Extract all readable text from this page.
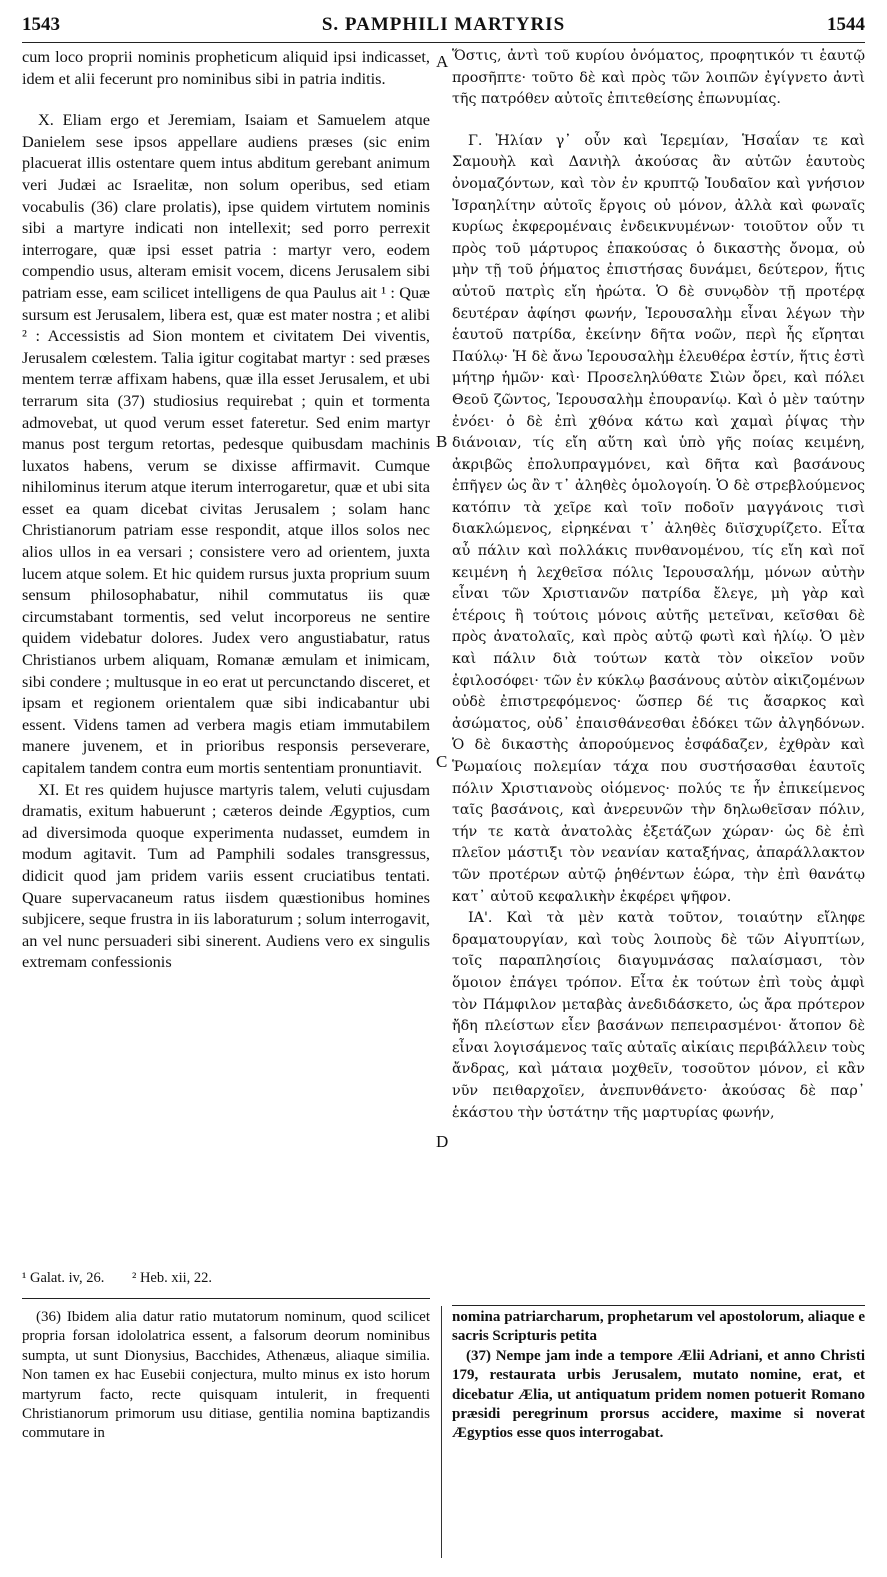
1543	S. PAMPHILI MARTYRIS	1544

cum loco proprii nominis propheticum aliquid ipsi indicasset, idem et alii fecerunt pro nominibus sibi in patria inditis.

X. Eliam ergo et Jeremiam, Isaiam et Samuelem atque Danielem sese ipsos appellare audiens præses (sic enim placuerat illis ostentare quem intus abditum gerebant animum veri Judæi ac Israelitæ, non solum operibus, sed etiam vocabulis (36) clare prolatis), ipse quidem virtutem nominis sibi a martyre indicati non intellexit; sed porro perrexit interrogare, quæ ipsi esset patria : martyr vero, eodem compendio usus, alteram emisit vocem, dicens Jerusalem sibi patriam esse, eam scilicet intelligens de qua Paulus ait ¹ : Quæ sursum est Jerusalem, libera est, quæ est mater nostra ; et alibi ² : Accessistis ad Sion montem et civitatem Dei viventis, Jerusalem cœlestem. Talia igitur cogitabat martyr : sed præses mentem terræ affixam habens, quæ illa esset Jerusalem, et ubi terrarum sita (37) studiosius requirebat ; quin et tormenta admovebat, ut quod verum esset fateretur. Sed enim martyr manus post tergum retortas, pedesque quibusdam machinis luxatos habens, verum se dixisse affirmavit. Cumque nihilominus iterum atque iterum interrogaretur, quæ et ubi sita esset ea quam dicebat civitas Jerusalem ; solam hanc Christianorum patriam esse respondit, atque illos solos nec alios ullos in ea versari ; consistere vero ad orientem, juxta lucem atque solem. Et hic quidem rursus juxta proprium suum sensum philosophabatur, nihil commutatus iis quæ circumstabant tormentis, sed velut incorporeus ne sentire quidem videbatur dolores. Judex vero angustiabatur, ratus Christianos urbem aliquam, Romanæ æmulam et inimicam, sibi condere ; multusque in eo erat ut percunctando disceret, et ipsam et regionem orientalem quæ sibi indicabantur ubi essent. Videns tamen ad verbera magis etiam immutabilem manere juvenem, et in prioribus responsis perseverare, capitalem tandem contra eum mortis sententiam pronuntiavit.

XI. Et res quidem hujusce martyris talem, veluti cujusdam dramatis, exitum habuerunt ; cæteros deinde Ægyptios, cum ad diversimoda quoque experimenta nudasset, eumdem in modum agitavit. Tum ad Pamphili sodales transgressus, didicit quod jam pridem variis essent cruciatibus tentati. Quare supervacaneum ratus iisdem quæstionibus homines subjicere, seque frustra in iis laboraturum ; solum interrogavit, an vel nunc persuaderi sibi sinerent. Audiens vero ex singulis extremam confessionis

A
B
C
D

Ὅστις, ἀντὶ τοῦ κυρίου ὀνόματος, προφητικόν τι ἑαυτῷ προσῆπτε· τοῦτο δὲ καὶ πρὸς τῶν λοιπῶν ἐγίγνετο ἀντὶ τῆς πατρόθεν αὐτοῖς ἐπιτεθείσης ἐπωνυμίας.

Γ. Ἠλίαν γ᾽ οὖν καὶ Ἱερεμίαν, Ἡσαΐαν τε καὶ Σαμουὴλ καὶ Δανιὴλ ἀκούσας ἂν αὐτῶν ἑαυτοὺς ὀνομαζόντων, καὶ τὸν ἐν κρυπτῷ Ἰουδαῖον καὶ γνήσιον Ἰσραηλίτην αὐτοῖς ἔργοις οὐ μόνον, ἀλλὰ καὶ φωναῖς κυρίως ἐκφερομέναις ἐνδεικνυμένων· τοιοῦτον οὖν τι πρὸς τοῦ μάρτυρος ἐπακούσας ὁ δικαστὴς ὄνομα, οὐ μὴν τῇ τοῦ ῥήματος ἐπιστήσας δυνάμει, δεύτερον, ἥτις αὐτοῦ πατρὶς εἴη ἠρώτα. Ὁ δὲ συνῳδὸν τῇ προτέρᾳ δευτέραν ἀφίησι φωνήν, Ἱερουσαλὴμ εἶναι λέγων τὴν ἑαυτοῦ πατρίδα, ἐκείνην δῆτα νοῶν, περὶ ἧς εἴρηται Παύλῳ· Ἡ δὲ ἄνω Ἱερουσαλὴμ ἐλευθέρα ἐστίν, ἥτις ἐστὶ μήτηρ ἡμῶν· καὶ· Προσεληλύθατε Σιὼν ὄρει, καὶ πόλει Θεοῦ ζῶντος, Ἱερουσαλὴμ ἐπουρανίῳ. Καὶ ὁ μὲν ταύτην ἐνόει· ὁ δὲ ἐπὶ χθόνα κάτω καὶ χαμαὶ ῥίψας τὴν διάνοιαν, τίς εἴη αὕτη καὶ ὑπὸ γῆς ποίας κειμένη, ἀκριβῶς ἐπολυπραγμόνει, καὶ δῆτα καὶ βασάνους ἐπῆγεν ὡς ἂν τ᾽ ἀληθὲς ὁμολογοίη. Ὁ δὲ στρεβλούμενος κατόπιν τὰ χεῖρε καὶ τοῖν ποδοῖν μαγγάνοις τισὶ διακλώμενος, εἰρηκέναι τ᾽ ἀληθὲς διϊσχυρίζετο. Εἶτα αὖ πάλιν καὶ πολλάκις πυνθανομένου, τίς εἴη καὶ ποῖ κειμένη ἡ λεχθεῖσα πόλις Ἱερουσαλήμ, μόνων αὐτὴν εἶναι τῶν Χριστιανῶν πατρίδα ἔλεγε, μὴ γὰρ καὶ ἑτέροις ἢ τούτοις μόνοις αὐτῆς μετεῖναι, κεῖσθαι δὲ πρὸς ἀνατολαῖς, καὶ πρὸς αὐτῷ φωτὶ καὶ ἡλίῳ. Ὁ μὲν καὶ πάλιν διὰ τούτων κατὰ τὸν οἰκεῖον νοῦν ἐφιλοσόφει· τῶν ἐν κύκλῳ βασάνους αὐτὸν αἰκιζομένων οὐδὲ ἐπιστρεφόμενος· ὥσπερ δέ τις ἄσαρκος καὶ ἀσώματος, οὐδ᾽ ἐπαισθάνεσθαι ἐδόκει τῶν ἀλγηδόνων. Ὁ δὲ δικαστὴς ἀπορούμενος ἐσφάδαζεν, ἐχθρὰν καὶ Ῥωμαίοις πολεμίαν τάχα που συστήσασθαι ἑαυτοῖς πόλιν Χριστιανοὺς οἰόμενος· πολύς τε ἦν ἐπικείμενος ταῖς βασάνοις, καὶ ἀνερευνῶν τὴν δηλωθεῖσαν πόλιν, τήν τε κατὰ ἀνατολὰς ἐξετάζων χώραν· ὡς δὲ ἐπὶ πλεῖον μάστιξι τὸν νεανίαν καταξήνας, ἀπαράλλακτον τῶν προτέρων αὐτῷ ῥηθέντων ἑώρα, τὴν ἐπὶ θανάτῳ κατ᾽ αὐτοῦ κεφαλικὴν ἐκφέρει ψῆφον.

ΙΑ'. Καὶ τὰ μὲν κατὰ τοῦτον, τοιαύτην εἴληφε δραματουργίαν, καὶ τοὺς λοιποὺς δὲ τῶν Αἰγυπτίων, τοῖς παραπλησίοις διαγυμνάσας παλαίσμασι, τὸν ὅμοιον ἐπάγει τρόπον. Εἶτα ἐκ τούτων ἐπὶ τοὺς ἀμφὶ τὸν Πάμφιλον μεταβὰς ἀνεδιδάσκετο, ὡς ἄρα πρότερον ἤδη πλείστων εἶεν βασάνων πεπειρασμένοι· ἄτοπον δὲ εἶναι λογισάμενος ταῖς αὐταῖς αἰκίαις περιβάλλειν τοὺς ἄνδρας, καὶ μάταια μοχθεῖν, τοσοῦτον μόνον, εἰ κἂν νῦν πειθαρχοῖεν, ἀνεπυνθάνετο· ἀκούσας δὲ παρ᾽ ἑκάστου τὴν ὑστάτην τῆς μαρτυρίας φωνήν,

¹ Galat. iv, 26. ² Heb. xii, 22.

(36) Ibidem alia datur ratio mutatorum nominum, quod scilicet propria forsan idololatrica essent, a falsorum deorum nominibus sumpta, ut sunt Dionysius, Bacchides, Athenæus, aliaque similia. Non tamen ex hac Eusebii conjectura, multo minus ex isto horum martyrum facto, recte quisquam intulerit, in frequenti Christianorum primorum usu ditiase, gentilia nomina baptizandis commutare in

nomina patriarcharum, prophetarum vel apostolorum, aliaque e sacris Scripturis petita

(37) Nempe jam inde a tempore Ælii Adriani, et anno Christi 179, restaurata urbis Jerusalem, mutato nomine, erat, et dicebatur Ælia, ut antiquatum pridem nomen potuerit Romano præsidi peregrinum prorsus accidere, maxime si noverat Ægyptios esse quos interrogabat.
